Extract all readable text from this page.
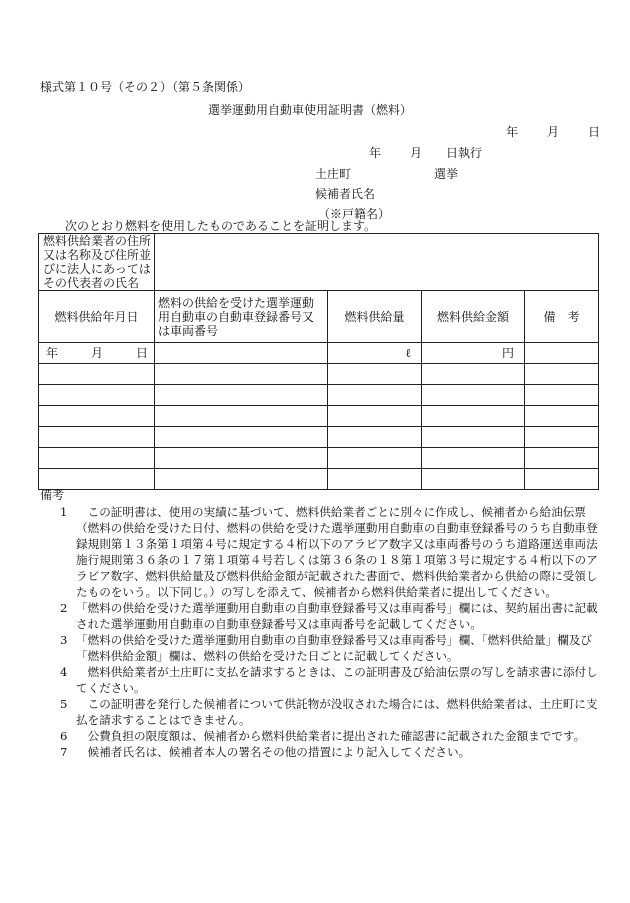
様式第１０号（その２）（第５条関係）
選挙運動用自動車使用証明書（燃料）
年 月 日
年 月 日執行
土庄町	選挙
候補者氏名
（※戸籍名）
次のとおり燃料を使用したものであることを証明します。
燃料供給業者の住所又は名称及び住所並びに法人にあってはその代表者の氏名				
燃料供給年月日	燃料の供給を受けた選挙運動用自動車の自動車登録番号又は車両番号	燃料供給量	燃料供給金額	備　考

年 月 日		ℓ	円	

備考
1 この証明書は、使用の実績に基づいて、燃料供給業者ごとに別々に作成し、候補者から給油伝票（燃料の供給を受けた日付、燃料の供給を受けた選挙運動用自動車の自動車登録番号のうち自動車登録規則第１３条第１項第４号に規定する４桁以下のアラビア数字又は車両番号のうち道路運送車両法施行規則第３６条の１７第１項第４号若しくは第３６条の１８第１項第３号に規定する４桁以下のアラビア数字、燃料供給量及び燃料供給金額が記載された書面で、燃料供給業者から供給の際に受領したものをいう。以下同じ。）の写しを添えて、候補者から燃料供給業者に提出してください。
2 「燃料の供給を受けた選挙運動用自動車の自動車登録番号又は車両番号」欄には、契約届出書に記載された選挙運動用自動車の自動車登録番号又は車両番号を記載してください。
3 「燃料の供給を受けた選挙運動用自動車の自動車登録番号又は車両番号」欄、「燃料供給量」欄及び「燃料供給金額」欄は、燃料の供給を受けた日ごとに記載してください。
4 燃料供給業者が土庄町に支払を請求するときは、この証明書及び給油伝票の写しを請求書に添付してください。
5 この証明書を発行した候補者について供託物が没収された場合には、燃料供給業者は、土庄町に支払を請求することはできません。
6 公費負担の限度額は、候補者から燃料供給業者に提出された確認書に記載された金額までです。
7 候補者氏名は、候補者本人の署名その他の措置により記入してください。
